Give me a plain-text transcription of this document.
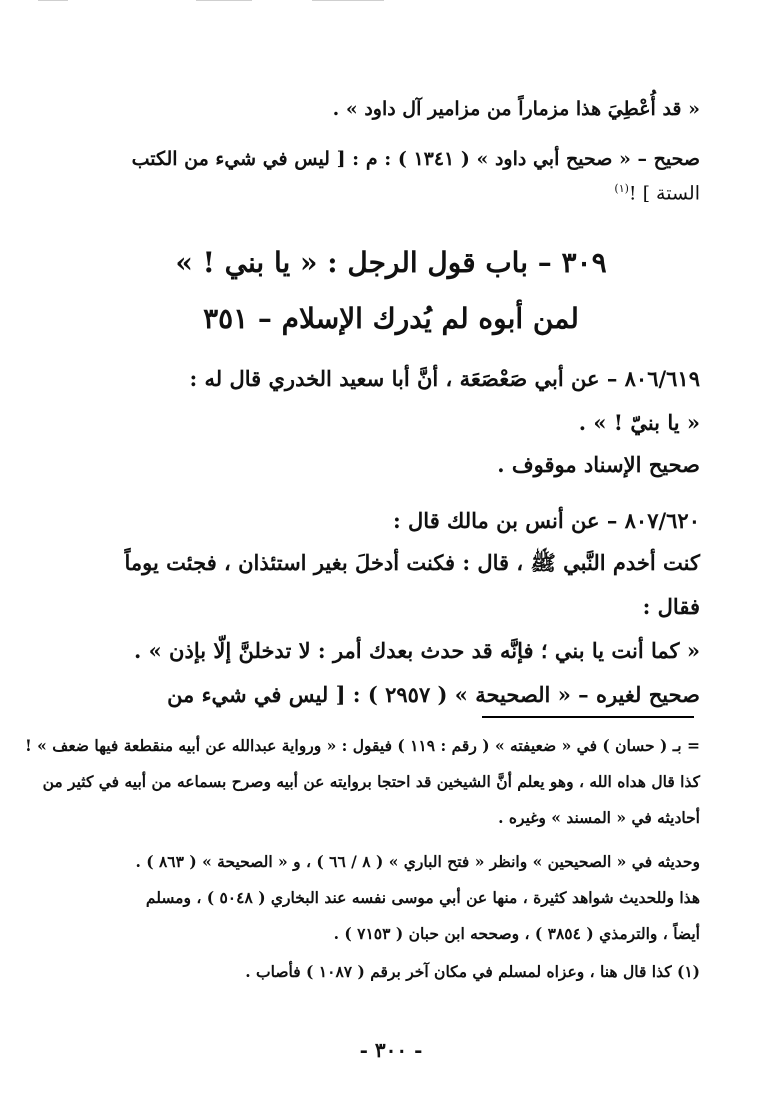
« قد أُعْطِيَ هذا مزماراً من مزامير آل داود » .
صحيح – « صحيح أبي داود » ( ١٣٤١ ) : م : [ ليس في شيء من الكتب
الستة ] !$^{(١)}$
٣٠٩ – باب قول الرجل : « يا بني ! »
لمن أبوه لم يُدرك الإسلام – ٣٥١
٨٠٦/٦١٩ – عن أبي صَعْصَعَة ، أنَّ أبا سعيد الخدري قال له :
« يا بنيّ ! » .
صحيح الإسناد موقوف .
٨٠٧/٦٢٠ – عن أنس بن مالك قال :
كنت أخدم النَّبي ﷺ ، قال : فكنت أدخلَ بغير استئذان ، فجئت يوماً
فقال :
« كما أنت يا بني ؛ فإنَّه قد حدث بعدك أمر : لا تدخلنَّ إلّا بإذن » .
صحيح لغيره – « الصحيحة » ( ٢٩٥٧ ) : [ ليس في شيء من
= بـ ( حسان ) في « ضعيفته » ( رقم : ١١٩ ) فيقول : « ورواية عبدالله عن أبيه منقطعة فيها ضعف » !
كذا قال هداه الله ، وهو يعلم أنَّ الشيخين قد احتجا بروايته عن أبيه وصرح بسماعه من أبيه في كثير من
أحاديثه في « المسند » وغيره .
وحديثه في « الصحيحين » وانظر « فتح الباري » ( ٨ / ٦٦ ) ، و « الصحيحة » ( ٨٦٣ ) .
هذا وللحديث شواهد كثيرة ، منها عن أبي موسى نفسه عند البخاري ( ٥٠٤٨ ) ، ومسلم
أيضاً ، والترمذي ( ٣٨٥٤ ) ، وصححه ابن حبان ( ٧١٥٣ ) .
(١) كذا قال هنا ، وعزاه لمسلم في مكان آخر برقم ( ١٠٨٧ ) فأصاب .
- ٣٠٠ -
